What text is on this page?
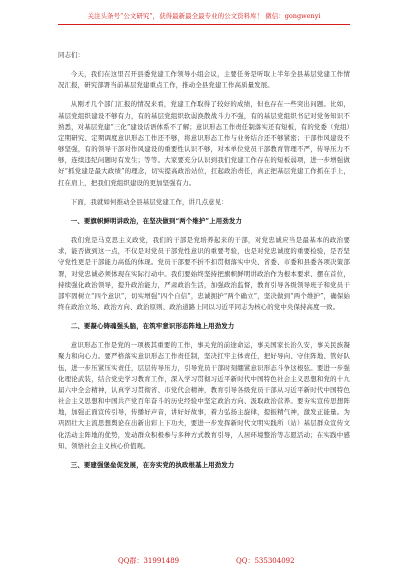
关注头条号“公文研究”，获得最新最全最专业的公文资料库！ 微信：gongwenyi

同志们：

今天，我们在这里召开县委党建工作领导小组会议，主要任务是听取上半年全县基层党建工作情况汇报，研究部署当前基层党建重点工作，推动全县党建工作高质量发展。

从刚才几个部门汇报的情况来看，党建工作取得了较好的成绩，但也存在一些突出问题。比如，基层党组织建设不够有力，有的基层党组织软弱涣散战斗力不强，有的基层党组织书记对党务知识不熟悉，对基层党建“三化”建设话语体系不了解；意识形态工作责任制落实还有短板，有的党委（党组）定期研究、定期调度意识形态工作还不够，将意识形态工作与业务结合还不够紧密；干部作风建设不够坚强，有的领导干部对作风建设的重要性认识不够，对本单位党员干部教育管理不严，传导压力不够，连续违纪问题时有发生；等等。大家要充分认识到我们党建工作存在的短板弱项，进一步增强做好“抓党建是最大政绩”的理念，切实提高政治站位，扛起政治责任，真正把基层党建工作抓在手上，扛在肩上，把我们党组织建设的更加坚强有力。

下面，我就如何推动全县基层党建工作，讲几点意见：

一、要旗帜鲜明讲政治，在坚决做到“两个维护”上用劲发力

我们党是马克思主义政党，我们的干部是党培养起来的干部，对党忠诚应当是最基本的政治要求，能否做到这一点，不仅是对党员干部党性意识的重要考验，也是对党忠诚度的重要检验，是否坚守党性更是干部能力高低的体现。党员干部要不折不扣贯彻落实中央、省委、市委和县委各项决策部署，对党忠诚必须体现在实际行动中。我们要始终坚持把旗帜鲜明讲政治作为根本要求、摆在首位，持续强化政治领导，提升政治能力，严肃政治生活，加强政治监督，教育引导各级领导班子和党员干部牢固树立“四个意识”，切实增强“四个自信”，忠诚拥护“两个确立”，坚决做到“两个维护”，确保始终在政治立场、政治方向、政治原则、政治道路上同以习近平同志为核心的党中央保持高度一致。

二、要凝心铸魂强头脑，在筑牢意识形态阵地上用劲发力

意识形态工作是党的一项极其重要的工作，事关党的前途命运，事关国家长治久安，事关民族凝聚力和向心力。要严格落实意识形态工作责任制，坚决扛牢主体责任，把好导向、守住阵地、管好队伍，进一步压紧压实责任，层层传导压力，引导党员干部时刻绷紧意识形态斗争这根弦。要进一步强化理论武装，结合党史学习教育工作，深入学习贯彻习近平新时代中国特色社会主义思想和党的十九届六中全会精神，认真学习贯彻省、市党代会精神，教育引导各级党员干部从习近平新时代中国特色社会主义思想和中国共产党百年奋斗的历史经验中坚定政治方向、汲取政治营养。要夯实宣传思想阵地，加强正面宣传引导，传播好声音，讲好好故事，着力弘扬主旋律，提振精气神，激发正能量。为巩固壮大主流思想舆论在出新出彩上下功夫，要进一步发挥新时代文明实践所（站）基层群众宣传文化活动主阵地的优势，发动群众积极参与多种方式教育引导，人居环境整治等志愿活动；在实践中感知、领悟社会主义核心价值观。

三、要建强堡垒促发展，在夯实党的执政根基上用劲发力

QQ群：31991489	QQ：535304092
